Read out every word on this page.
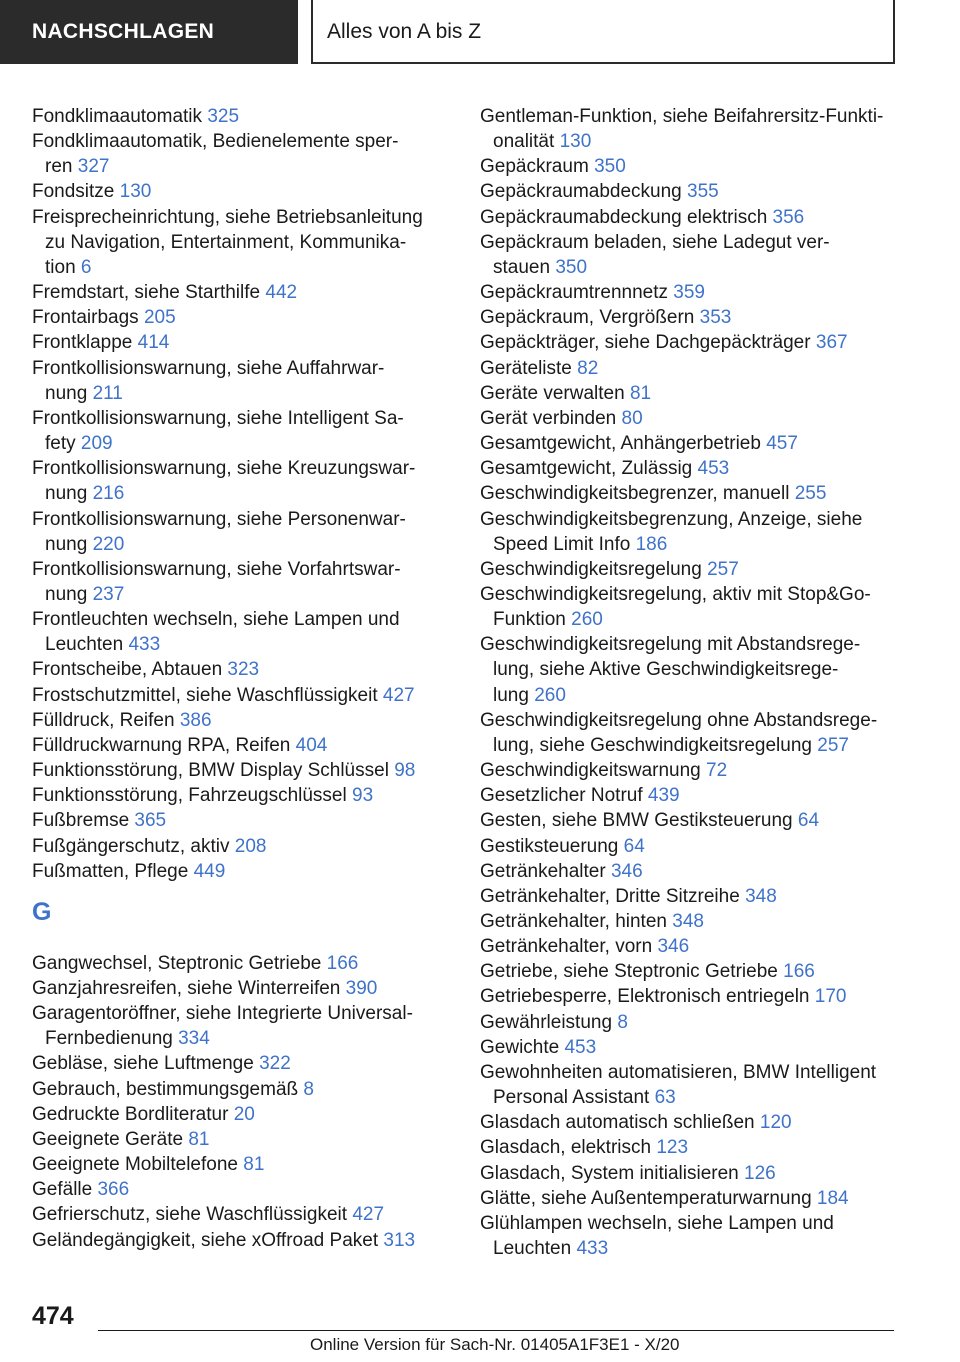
NACHSCHLAGEN	Alles von A bis Z
Fondklimaautomatik 325
Fondklimaautomatik, Bedienelemente sper-
ren 327
Fondsitze 130
Freisprecheinrichtung, siehe Betriebsanleitung
zu Navigation, Entertainment, Kommunika-
tion 6
Fremdstart, siehe Starthilfe 442
Frontairbags 205
Frontklappe 414
Frontkollisionswarnung, siehe Auffahrwar-
nung 211
Frontkollisionswarnung, siehe Intelligent Sa-
fety 209
Frontkollisionswarnung, siehe Kreuzungswar-
nung 216
Frontkollisionswarnung, siehe Personenwar-
nung 220
Frontkollisionswarnung, siehe Vorfahrtswar-
nung 237
Frontleuchten wechseln, siehe Lampen und
Leuchten 433
Frontscheibe, Abtauen 323
Frostschutzmittel, siehe Waschflüssigkeit 427
Fülldruck, Reifen 386
Fülldruckwarnung RPA, Reifen 404
Funktionsstörung, BMW Display Schlüssel 98
Funktionsstörung, Fahrzeugschlüssel 93
Fußbremse 365
Fußgängerschutz, aktiv 208
Fußmatten, Pflege 449
G
Gangwechsel, Steptronic Getriebe 166
Ganzjahresreifen, siehe Winterreifen 390
Garagentoröffner, siehe Integrierte Universal-
Fernbedienung 334
Gebläse, siehe Luftmenge 322
Gebrauch, bestimmungsgemäß 8
Gedruckte Bordliteratur 20
Geeignete Geräte 81
Geeignete Mobiltelefone 81
Gefälle 366
Gefrierschutz, siehe Waschflüssigkeit 427
Geländegängigkeit, siehe xOffroad Paket 313
Gentleman-Funktion, siehe Beifahrersitz-Funkti-
onalität 130
Gepäckraum 350
Gepäckraumabdeckung 355
Gepäckraumabdeckung elektrisch 356
Gepäckraum beladen, siehe Ladegut ver-
stauen 350
Gepäckraumtrennnetz 359
Gepäckraum, Vergrößern 353
Gepäckträger, siehe Dachgepäckträger 367
Geräteliste 82
Geräte verwalten 81
Gerät verbinden 80
Gesamtgewicht, Anhängerbetrieb 457
Gesamtgewicht, Zulässig 453
Geschwindigkeitsbegrenzer, manuell 255
Geschwindigkeitsbegrenzung, Anzeige, siehe
Speed Limit Info 186
Geschwindigkeitsregelung 257
Geschwindigkeitsregelung, aktiv mit Stop&Go-
Funktion 260
Geschwindigkeitsregelung mit Abstandsrege-
lung, siehe Aktive Geschwindigkeitsrege-
lung 260
Geschwindigkeitsregelung ohne Abstandsrege-
lung, siehe Geschwindigkeitsregelung 257
Geschwindigkeitswarnung 72
Gesetzlicher Notruf 439
Gesten, siehe BMW Gestiksteuerung 64
Gestiksteuerung 64
Getränkehalter 346
Getränkehalter, Dritte Sitzreihe 348
Getränkehalter, hinten 348
Getränkehalter, vorn 346
Getriebe, siehe Steptronic Getriebe 166
Getriebesperre, Elektronisch entriegeln 170
Gewährleistung 8
Gewichte 453
Gewohnheiten automatisieren, BMW Intelligent
Personal Assistant 63
Glasdach automatisch schließen 120
Glasdach, elektrisch 123
Glasdach, System initialisieren 126
Glätte, siehe Außentemperaturwarnung 184
Glühlampen wechseln, siehe Lampen und
Leuchten 433
474
Online Version für Sach-Nr. 01405A1F3E1 - X/20
